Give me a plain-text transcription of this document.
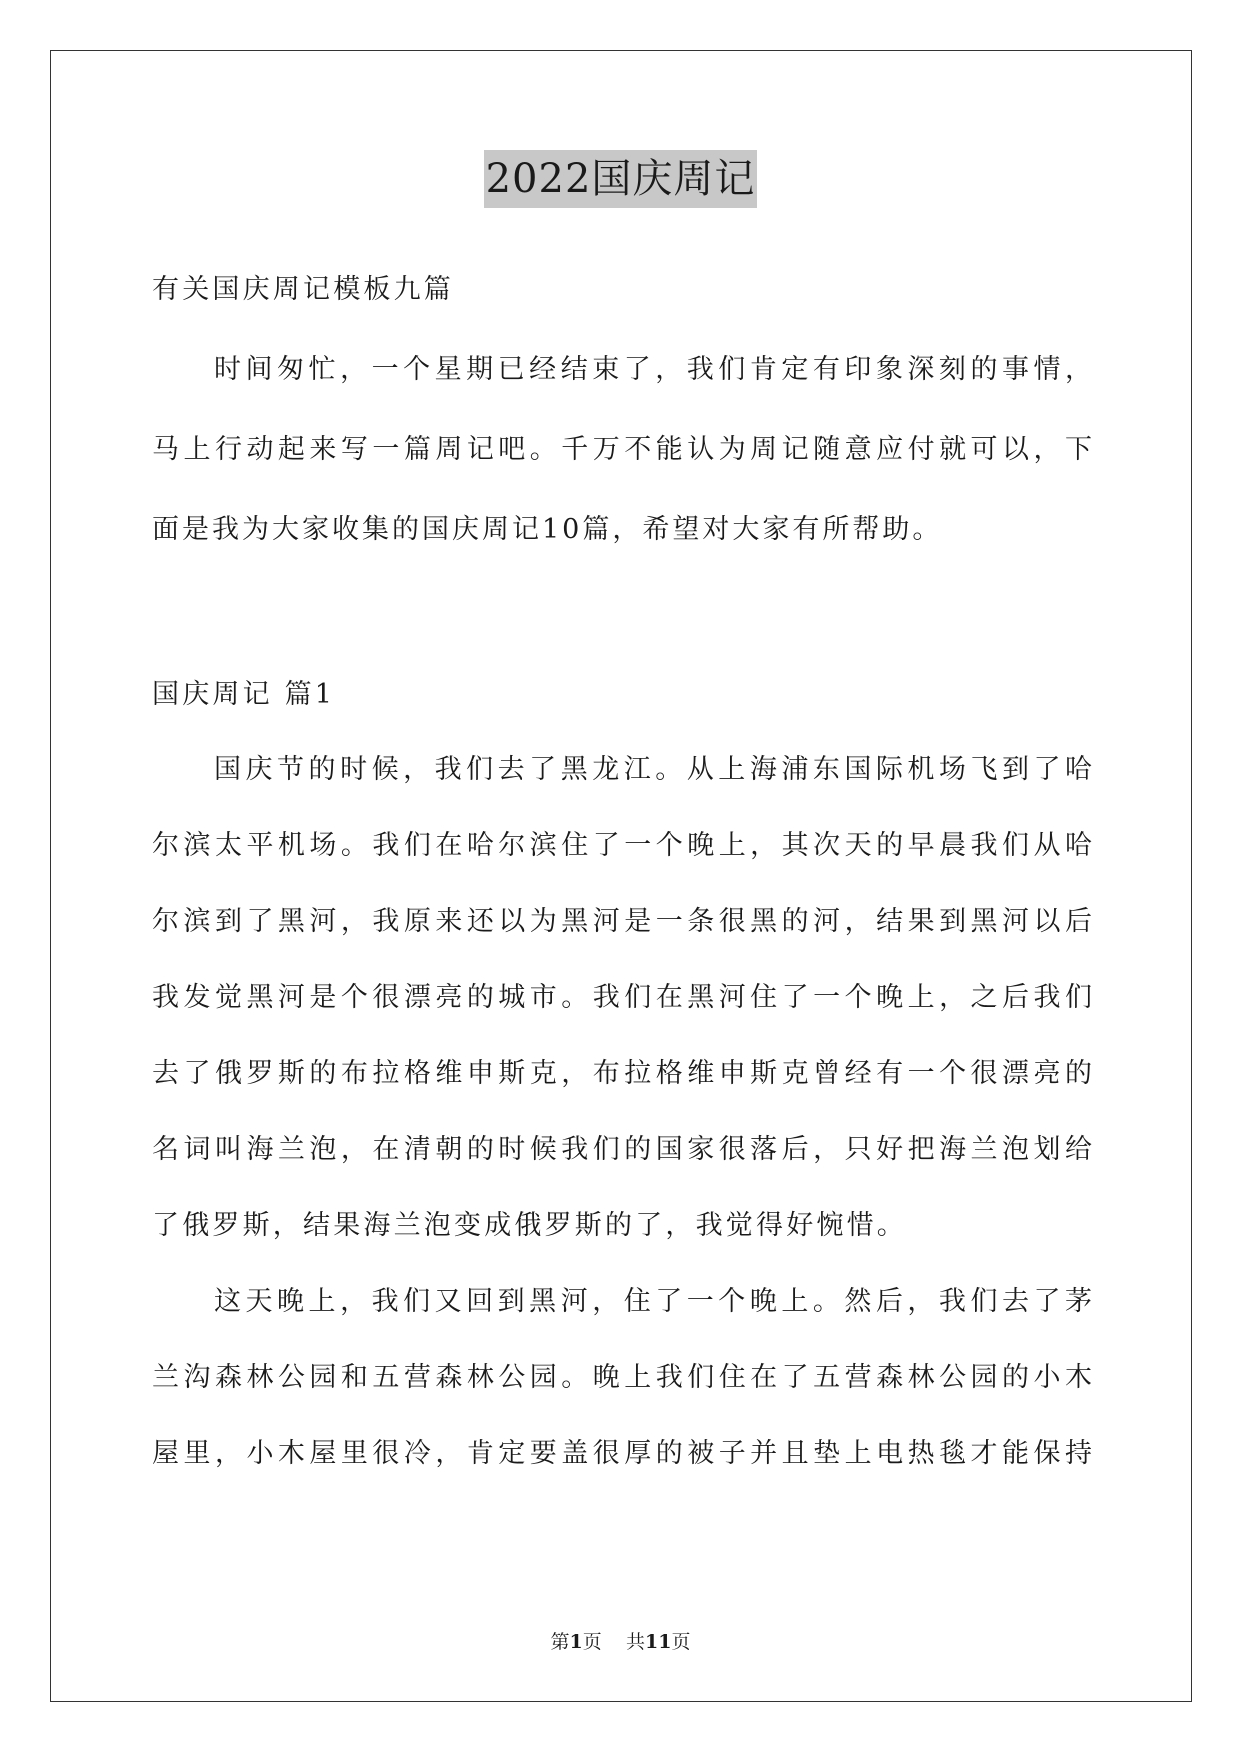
2022国庆周记
有关国庆周记模板九篇
时间匆忙，一个星期已经结束了，我们肯定有印象深刻的事情，
马上行动起来写一篇周记吧。千万不能认为周记随意应付就可以，下
面是我为大家收集的国庆周记10篇，希望对大家有所帮助。
国庆周记 篇1
国庆节的时候，我们去了黑龙江。从上海浦东国际机场飞到了哈
尔滨太平机场。我们在哈尔滨住了一个晚上，其次天的早晨我们从哈
尔滨到了黑河，我原来还以为黑河是一条很黑的河，结果到黑河以后
我发觉黑河是个很漂亮的城市。我们在黑河住了一个晚上，之后我们
去了俄罗斯的布拉格维申斯克，布拉格维申斯克曾经有一个很漂亮的
名词叫海兰泡，在清朝的时候我们的国家很落后，只好把海兰泡划给
了俄罗斯，结果海兰泡变成俄罗斯的了，我觉得好惋惜。
这天晚上，我们又回到黑河，住了一个晚上。然后，我们去了茅
兰沟森林公园和五营森林公园。晚上我们住在了五营森林公园的小木
屋里，小木屋里很冷，肯定要盖很厚的被子并且垫上电热毯才能保持
第1页 共11页
